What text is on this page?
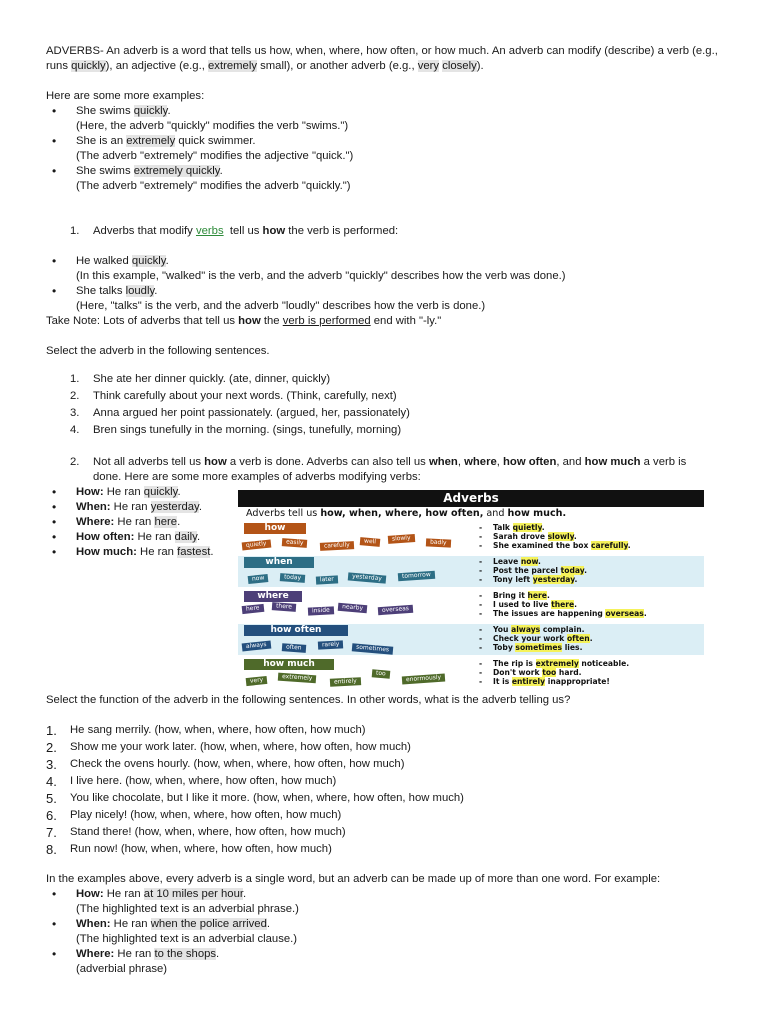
ADVERBS- An adverb is a word that tells us how, when, where, how often, or how much. An adverb can modify (describe) a verb (e.g., runs quickly), an adjective (e.g., extremely small), or another adverb (e.g., very closely).

Here are some more examples:

• She swims quickly.
(Here, the adverb "quickly" modifies the verb "swims.")
• She is an extremely quick swimmer.
(The adverb "extremely" modifies the adjective "quick.")
• She swims extremely quickly.
(The adverb "extremely" modifies the adverb "quickly.")
1. Adverbs that modify verbs  tell us how the verb is performed:
• He walked quickly.
(In this example, "walked" is the verb, and the adverb "quickly" describes how the verb was done.)
• She talks loudly.
(Here, "talks" is the verb, and the adverb "loudly" describes how the verb is done.)

Take Note: Lots of adverbs that tell us how the verb is performed end with "-ly."

Select the adverb in the following sentences.

1. She ate her dinner quickly. (ate, dinner, quickly)
2. Think carefully about your next words. (Think, carefully, next)
3. Anna argued her point passionately. (argued, her, passionately)
4. Bren sings tunefully in the morning. (sings, tunefully, morning)
2. Not all adverbs tell us how a verb is done. Adverbs can also tell us when, where, how often, and how much a verb is
done. Here are some more examples of adverbs modifying verbs:
• How: He ran quickly.
• When: He ran yesterday.
• Where: He ran here.
• How often: He ran daily.
• How much: He ran fastest.
Adverbs
Adverbs tell us how, when, where, how often, and how much.
how
quietly	easily	carefully	well	slowly	badly
- Talk quietly.
- Sarah drove slowly.
- She examined the box carefully.
when
now	today	later	yesterday	tomorrow
- Leave now.
- Post the parcel today.
- Tony left yesterday.
where
here	there	inside	nearby	overseas
- Bring it here.
- I used to live there.
- The issues are happening overseas.
how often
always	often	rarely	sometimes
- You always complain.
- Check your work often.
- Toby sometimes lies.
how much
very	extremely	entirely
too
enormously
- The rip is extremely noticeable.
- Don't work too hard.
- It is entirely inappropriate!

Select the function of the adverb in the following sentences. In other words, what is the adverb telling us?

1. He sang merrily. (how, when, where, how often, how much)
2. Show me your work later. (how, when, where, how often, how much)
3. Check the ovens hourly. (how, when, where, how often, how much)
4. I live here. (how, when, where, how often, how much)
5. You like chocolate, but I like it more. (how, when, where, how often, how much)
6. Play nicely! (how, when, where, how often, how much)
7. Stand there! (how, when, where, how often, how much)
8. Run now! (how, when, where, how often, how much)

In the examples above, every adverb is a single word, but an adverb can be made up of more than one word. For example:

• How: He ran at 10 miles per hour.
(The highlighted text is an adverbial phrase.)
• When: He ran when the police arrived.
(The highlighted text is an adverbial clause.)
• Where: He ran to the shops.
(adverbial phrase)
